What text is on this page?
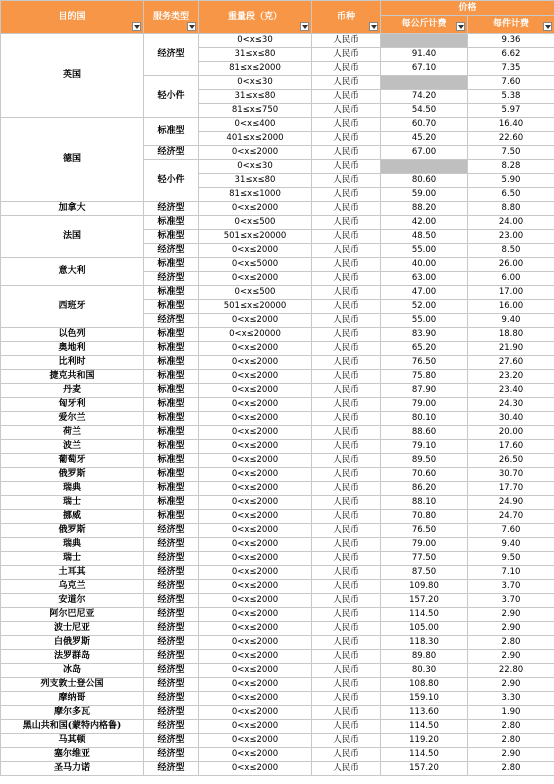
目的国	服务类型	重量段（克）	币种	价格	
				每公斤计费	每件计费

英国	经济型	0<x≤30	人民币		9.36
		31≤x≤80	人民币	91.40	6.62
		81≤x≤2000	人民币	67.10	7.35
	轻小件	0<x≤30	人民币		7.60
		31≤x≤80	人民币	74.20	5.38
		81≤x≤750	人民币	54.50	5.97
德国	标准型	0<x≤400	人民币	60.70	16.40
		401≤x≤2000	人民币	45.20	22.60
	经济型	0<x≤2000	人民币	67.00	7.50
	轻小件	0<x≤30	人民币		8.28
		31≤x≤80	人民币	80.60	5.90
		81≤x≤1000	人民币	59.00	6.50
加拿大	经济型	0<x≤2000	人民币	88.20	8.80
法国	标准型	0<x≤500	人民币	42.00	24.00
	标准型	501≤x≤20000	人民币	48.50	23.00
	经济型	0<x≤2000	人民币	55.00	8.50
意大利	标准型	0<x≤5000	人民币	40.00	26.00
	经济型	0<x≤2000	人民币	63.00	6.00
西班牙	标准型	0<x≤500	人民币	47.00	17.00
	标准型	501≤x≤20000	人民币	52.00	16.00
	经济型	0<x≤2000	人民币	55.00	9.40
以色列	标准型	0<x≤20000	人民币	83.90	18.80
奥地利	标准型	0<x≤2000	人民币	65.20	21.90
比利时	标准型	0<x≤2000	人民币	76.50	27.60
捷克共和国	标准型	0<x≤2000	人民币	75.80	23.20
丹麦	标准型	0<x≤2000	人民币	87.90	23.40
匈牙利	标准型	0<x≤2000	人民币	79.00	24.30
爱尔兰	标准型	0<x≤2000	人民币	80.10	30.40
荷兰	标准型	0<x≤2000	人民币	88.60	20.00
波兰	标准型	0<x≤2000	人民币	79.10	17.60
葡萄牙	标准型	0<x≤2000	人民币	89.50	26.50
俄罗斯	标准型	0<x≤2000	人民币	70.60	30.70
瑞典	标准型	0<x≤2000	人民币	86.20	17.70
瑞士	标准型	0<x≤2000	人民币	88.10	24.90
挪威	标准型	0<x≤2000	人民币	70.80	24.70
俄罗斯	经济型	0<x≤2000	人民币	76.50	7.60
瑞典	经济型	0<x≤2000	人民币	79.00	9.40
瑞士	经济型	0<x≤2000	人民币	77.50	9.50
土耳其	经济型	0<x≤2000	人民币	87.50	7.10
乌克兰	经济型	0<x≤2000	人民币	109.80	3.70
安道尔	经济型	0<x≤2000	人民币	157.20	3.70
阿尔巴尼亚	经济型	0<x≤2000	人民币	114.50	2.90
波士尼亚	经济型	0<x≤2000	人民币	105.00	2.90
白俄罗斯	经济型	0<x≤2000	人民币	118.30	2.80
法罗群岛	经济型	0<x≤2000	人民币	89.80	2.90
冰岛	经济型	0<x≤2000	人民币	80.30	22.80
列支敦士登公国	经济型	0<x≤2000	人民币	108.80	2.90
摩纳哥	经济型	0<x≤2000	人民币	159.10	3.30
摩尔多瓦	经济型	0<x≤2000	人民币	113.60	1.90
黑山共和国(蒙特内格鲁)	经济型	0<x≤2000	人民币	114.50	2.80
马其顿	经济型	0<x≤2000	人民币	119.20	2.80
塞尔维亚	经济型	0<x≤2000	人民币	114.50	2.90
圣马力诺	经济型	0<x≤2000	人民币	157.20	2.80
